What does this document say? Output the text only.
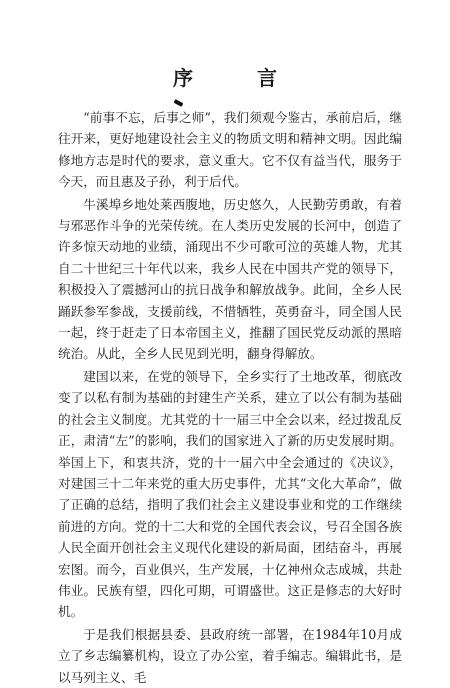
序　言

“前事不忘，后事之师”，我们须观今鉴古，承前启后，继往开来，更好地建设社会主义的物质文明和精神文明。因此编修地方志是时代的要求，意义重大。它不仅有益当代，服务于今天，而且惠及子孙，利于后代。

牛溪埠乡地处莱西腹地，历史悠久，人民勤劳勇敢，有着与邪恶作斗争的光荣传统。在人类历史发展的长河中，创造了许多惊天动地的业绩，涌现出不少可歌可泣的英雄人物，尤其自二十世纪三十年代以来，我乡人民在中国共产党的领导下，积极投入了震撼河山的抗日战争和解放战争。此间，全乡人民踊跃参军参战，支援前线，不惜牺牲，英勇奋斗，同全国人民一起，终于赶走了日本帝国主义，推翻了国民党反动派的黑暗统治。从此，全乡人民见到光明，翻身得解放。

建国以来，在党的领导下，全乡实行了土地改革，彻底改变了以私有制为基础的封建生产关系，建立了以公有制为基础的社会主义制度。尤其党的十一届三中全会以来，经过拨乱反正，肃清“左”的影响，我们的国家进入了新的历史发展时期。举国上下，和衷共济，党的十一届六中全会通过的《决议》，对建国三十二年来党的重大历史事件，尤其“文化大革命”，做了正确的总结，指明了我们社会主义建设事业和党的工作继续前进的方向。党的十二大和党的全国代表会议，号召全国各族人民全面开创社会主义现代化建设的新局面，团结奋斗，再展宏图。而今，百业俱兴，生产发展，十亿神州众志成城，共赴伟业。民族有望，四化可期，可谓盛世。这正是修志的大好时机。

于是我们根据县委、县政府统一部署，在1984年10月成立了乡志编纂机构，设立了办公室，着手编志。编辑此书，是以马列主义、毛
